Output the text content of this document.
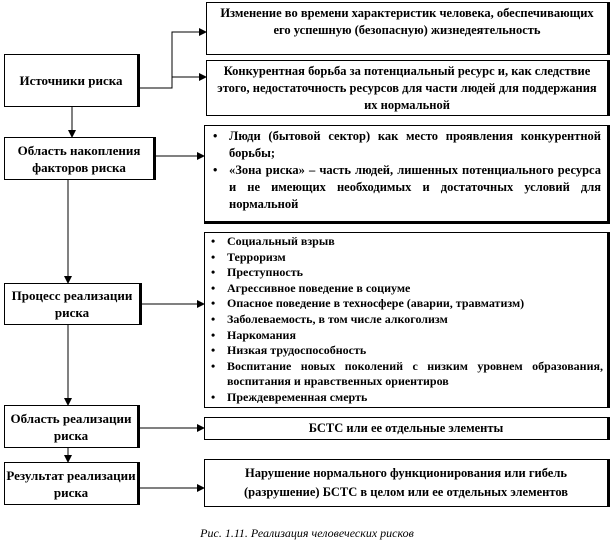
Источники риска
Область накопления факторов риска
Процесс реализации риска
Область реализации риска
Результат реализации риска

Изменение во времени характеристик человека, обеспечивающих его успешную (безопасную) жизнедеятельность

Конкурентная борьба за потенциальный ресурс и, как следствие этого, недостаточность ресурсов для части людей для поддержания их нормальной

• Люди (бытовой сектор) как место проявления конкурентной борьбы;
• «Зона риска» – часть людей, лишенных потенциального ресурса и не имеющих необходимых и достаточных условий для нормальной
• Социальный взрыв
• Терроризм
• Преступность
• Агрессивное поведение в социуме
• Опасное поведение в техносфере (аварии, травматизм)
• Заболеваемость, в том числе алкоголизм
• Наркомания
• Низкая трудоспособность
• Воспитание новых поколений с низким уровнем образования, воспитания и нравственных ориентиров
• Преждевременная смерть

БСТС или ее отдельные элементы

Нарушение нормального функционирования или гибель (разрушение) БСТС в целом или ее отдельных элементов

Рис. 1.11. Реализация человеческих рисков
